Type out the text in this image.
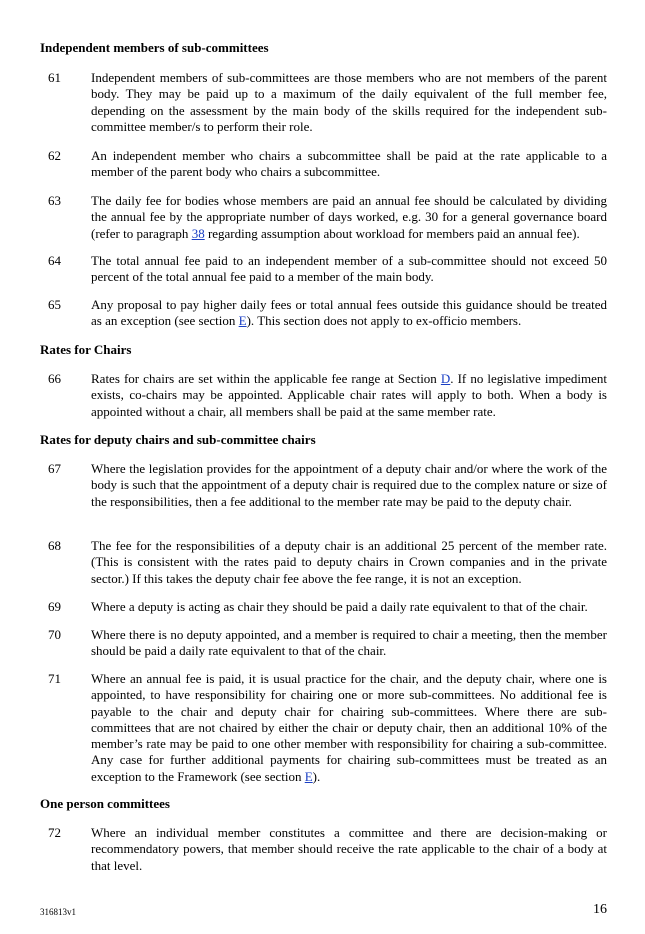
Independent members of sub-committees
61	Independent members of sub-committees are those members who are not members of the parent body. They may be paid up to a maximum of the daily equivalent of the full member fee, depending on the assessment by the main body of the skills required for the independent sub-committee member/s to perform their role.
62	An independent member who chairs a subcommittee shall be paid at the rate applicable to a member of the parent body who chairs a subcommittee.
63	The daily fee for bodies whose members are paid an annual fee should be calculated by dividing the annual fee by the appropriate number of days worked, e.g. 30 for a general governance board (refer to paragraph 38 regarding assumption about workload for members paid an annual fee).
64	The total annual fee paid to an independent member of a sub-committee should not exceed 50 percent of the total annual fee paid to a member of the main body.
65	Any proposal to pay higher daily fees or total annual fees outside this guidance should be treated as an exception (see section E). This section does not apply to ex-officio members.
Rates for Chairs
66	Rates for chairs are set within the applicable fee range at Section D. If no legislative impediment exists, co-chairs may be appointed. Applicable chair rates will apply to both. When a body is appointed without a chair, all members shall be paid at the same member rate.
Rates for deputy chairs and sub-committee chairs
67	Where the legislation provides for the appointment of a deputy chair and/or where the work of the body is such that the appointment of a deputy chair is required due to the complex nature or size of the responsibilities, then a fee additional to the member rate may be paid to the deputy chair.
68	The fee for the responsibilities of a deputy chair is an additional 25 percent of the member rate. (This is consistent with the rates paid to deputy chairs in Crown companies and in the private sector.) If this takes the deputy chair fee above the fee range, it is not an exception.
69	Where a deputy is acting as chair they should be paid a daily rate equivalent to that of the chair.
70	Where there is no deputy appointed, and a member is required to chair a meeting, then the member should be paid a daily rate equivalent to that of the chair.
71	Where an annual fee is paid, it is usual practice for the chair, and the deputy chair, where one is appointed, to have responsibility for chairing one or more sub-committees. No additional fee is payable to the chair and deputy chair for chairing sub-committees. Where there are sub-committees that are not chaired by either the chair or deputy chair, then an additional 10% of the member’s rate may be paid to one other member with responsibility for chairing a sub-committee. Any case for further additional payments for chairing sub-committees must be treated as an exception to the Framework (see section E).
One person committees
72	Where an individual member constitutes a committee and there are decision-making or recommendatory powers, that member should receive the rate applicable to the chair of a body at that level.
316813v1	16
